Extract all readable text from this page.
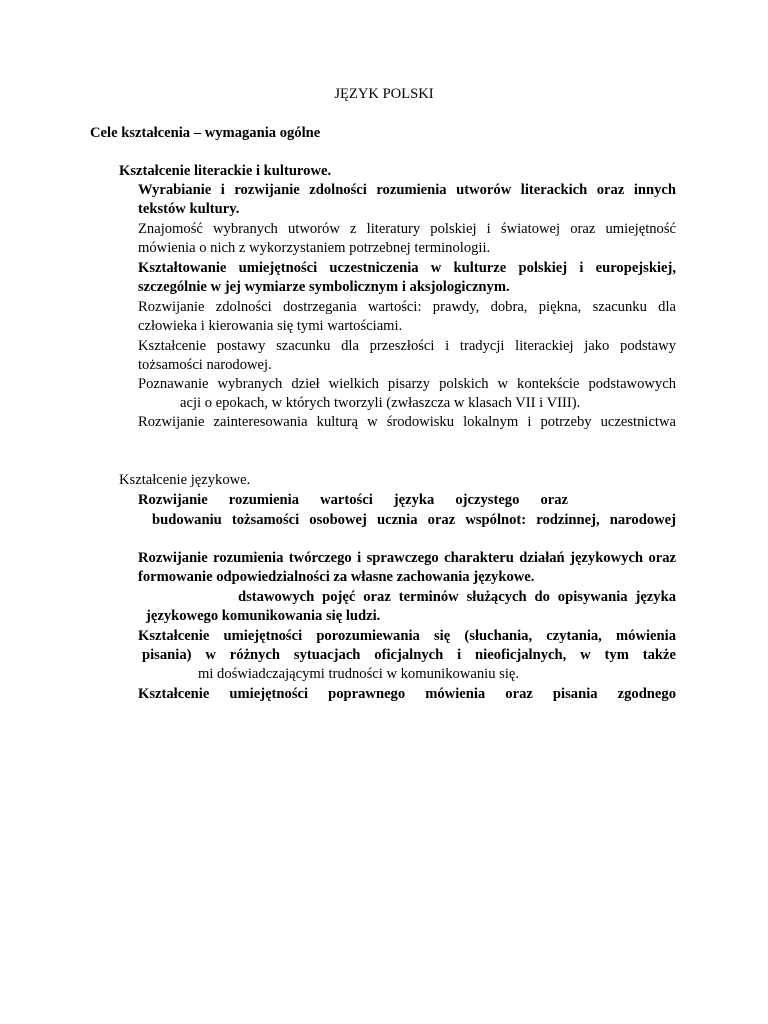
JĘZYK POLSKI
Cele kształcenia – wymagania ogólne
Kształcenie literackie i kulturowe.
Wyrabianie i rozwijanie zdolności rozumienia utworów literackich oraz innych tekstów kultury.
Znajomość wybranych utworów z literatury polskiej i światowej oraz umiejętność mówienia o nich z wykorzystaniem potrzebnej terminologii.
Kształtowanie umiejętności uczestniczenia w kulturze polskiej i europejskiej, szczególnie w jej wymiarze symbolicznym i aksjologicznym.
Rozwijanie zdolności dostrzegania wartości: prawdy, dobra, piękna, szacunku dla człowieka i kierowania się tymi wartościami.
Kształcenie postawy szacunku dla przeszłości i tradycji literackiej jako podstawy tożsamości narodowej.
Poznawanie wybranych dzieł wielkich pisarzy polskich w kontekście podstawowych
acji o epokach, w których tworzyli (zwłaszcza w klasach VII i VIII).
Rozwijanie zainteresowania kulturą w środowisku lokalnym i potrzeby uczestnictwa
Kształcenie językowe.
Rozwijanie rozumienia wartości języka ojczystego oraz
budowaniu tożsamości osobowej ucznia oraz wspólnot: rodzinnej, narodowej
Rozwijanie rozumienia twórczego i sprawczego charakteru działań językowych oraz formowanie odpowiedzialności za własne zachowania językowe.
dstawowych pojęć oraz terminów służących do opisywania języka
językowego komunikowania się ludzi.
Kształcenie umiejętności porozumiewania się (słuchania, czytania, mówienia
pisania) w różnych sytuacjach oficjalnych i nieoficjalnych, w tym także
mi doświadczającymi trudności w komunikowaniu się.
Kształcenie umiejętności poprawnego mówienia oraz pisania zgodnego
